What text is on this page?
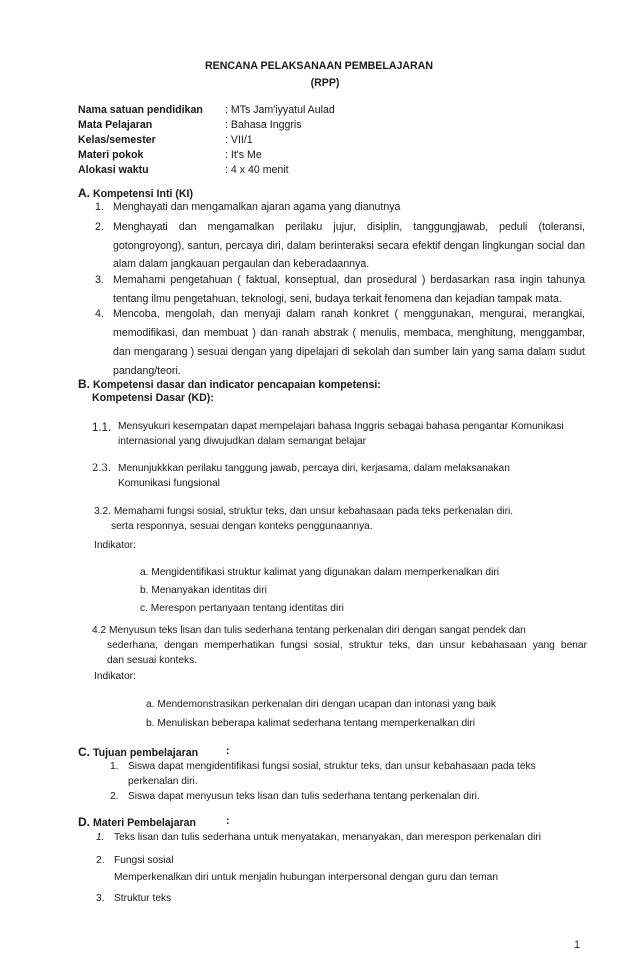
RENCANA PELAKSANAAN PEMBELAJARAN
(RPP)
Nama satuan pendidikan	: MTs Jam'iyyatul Aulad
Mata Pelajaran	: Bahasa Inggris
Kelas/semester	: VII/1
Materi pokok	: It's Me
Alokasi waktu	: 4 x 40 menit
A. Kompetensi Inti (KI)
1. Menghayati dan mengamalkan ajaran agama yang dianutnya
2. Menghayati dan mengamalkan perilaku jujur, disiplin, tanggungjawab, peduli (toleransi,
gotongroyong), santun, percaya diri, dalam berinteraksi secara efektif dengan lingkungan social dan
alam dalam jangkauan pergaulan dan keberadaannya.
3. Memahami pengetahuan ( faktual, konseptual, dan prosedural ) berdasarkan rasa ingin tahunya
tentang ilmu pengetahuan, teknologi, seni, budaya terkait fenomena dan kejadian tampak mata.
4. Mencoba, mengolah, dan menyaji dalam ranah konkret ( menggunakan, mengurai, merangkai,
memodifikasi, dan membuat ) dan ranah abstrak ( menulis, membaca, menghitung, menggambar,
dan mengarang ) sesuai dengan yang dipelajari di sekolah dan sumber lain yang sama dalam sudut
pandang/teori.
B. Kompetensi dasar dan indicator pencapaian kompetensi:
Kompetensi Dasar (KD):
1.1. Mensyukuri kesempatan dapat mempelajari bahasa Inggris sebagai bahasa pengantar Komunikasi
internasional yang diwujudkan dalam semangat belajar
2.3. Menunjukkkan perilaku tanggung jawab, percaya diri, kerjasama, dalam melaksanakan
Komunikasi fungsional
3.2. Memahami fungsi sosial, struktur teks, dan unsur kebahasaan pada teks perkenalan diri.
serta responnya, sesuai dengan konteks penggunaannya.
Indikator:
a. Mengidentifikasi struktur kalimat yang digunakan dalam memperkenalkan diri
b. Menanyakan identitas diri
c. Merespon pertanyaan tentang identitas diri
4.2 Menyusun teks lisan dan tulis sederhana tentang perkenalan diri dengan sangat pendek dan
sederhana, dengan memperhatikan fungsi sosial, struktur teks, dan unsur kebahasaan yang benar
dan sesuai konteks.
Indikator:
a. Mendemonstrasikan perkenalan diri dengan ucapan dan intonasi yang baik
b. Menuliskan beberapa kalimat sederhana tentang memperkenalkan diri
C. Tujuan pembelajaran	:
1. Siswa dapat mengidentifikasi fungsi sosial, struktur teks, dan unsur kebahasaan pada teks
perkenalan diri.
2. Siswa dapat menyusun teks lisan dan tulis sederhana tentang perkenalan diri.
D. Materi Pembelajaran	:
1. Teks lisan dan tulis sederhana untuk menyatakan, menanyakan, dan merespon perkenalan diri
2. Fungsi sosial
Memperkenalkan diri untuk menjalin hubungan interpersonal dengan guru dan teman
3. Struktur teks
1
